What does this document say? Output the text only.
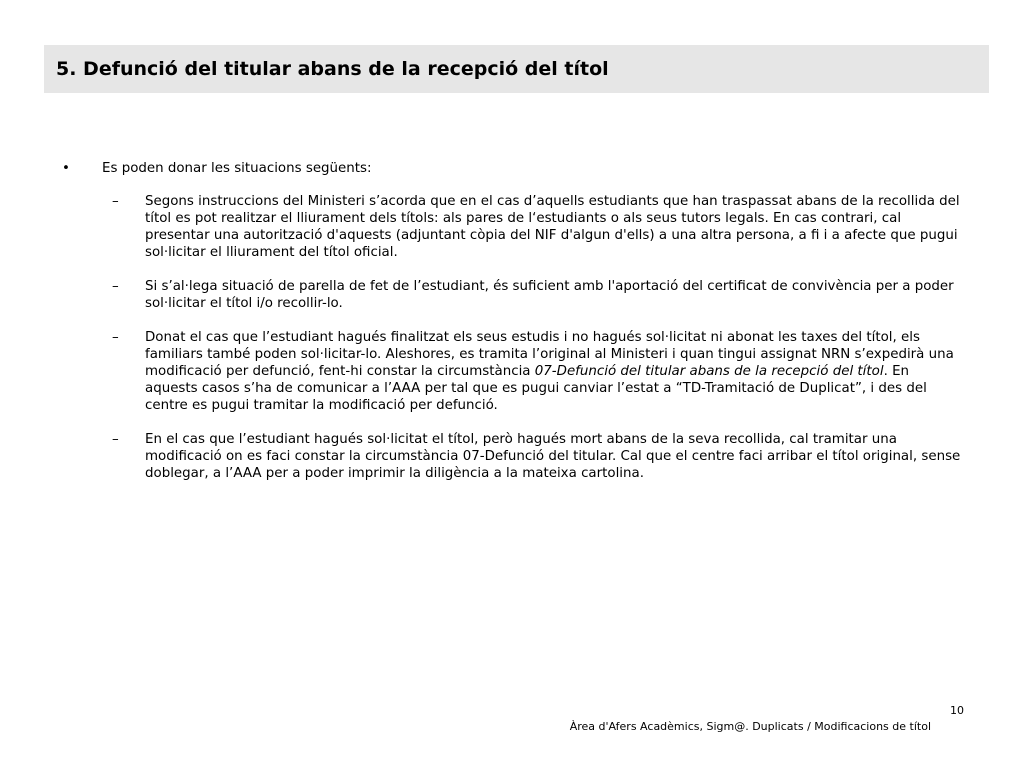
5. Defunció del titular abans de la recepció del títol
•	Es poden donar les situacions següents:
–	Segons instruccions del Ministeri s’acorda que en el cas d’aquells estudiants que han traspassat abans de la recollida del títol es pot realitzar el lliurament dels títols: als pares de l‘estudiants o als seus tutors legals. En cas contrari, cal presentar una autorització d'aquests (adjuntant còpia del NIF d'algun d'ells) a una altra persona, a fi i a afecte que pugui sol·licitar el lliurament del títol oficial.
–	Si s’al·lega situació de parella de fet de l’estudiant, és suficient amb l'aportació del certificat de convivència per a poder sol·licitar el títol i/o recollir-lo.
–	Donat el cas que l’estudiant hagués finalitzat els seus estudis i no hagués sol·licitat ni abonat les taxes del títol, els familiars també poden sol·licitar-lo. Aleshores, es tramita l’original al Ministeri i quan tingui assignat NRN s’expedirà una modificació per defunció, fent-hi constar la circumstància 07-Defunció del titular abans de la recepció del títol. En aquests casos s’ha de comunicar a l’AAA per tal que es pugui canviar l’estat a “TD-Tramitació de Duplicat”, i des del centre es pugui tramitar la modificació per defunció.
–	En el cas que l’estudiant hagués sol·licitat el títol, però hagués mort abans de la seva recollida, cal tramitar una modificació on es faci constar la circumstància 07-Defunció del titular. Cal que el centre faci arribar el títol original, sense doblegar, a l’AAA per a poder imprimir la diligència a la mateixa cartolina.
10
Àrea d'Afers Acadèmics, Sigm@. Duplicats / Modificacions de títol
